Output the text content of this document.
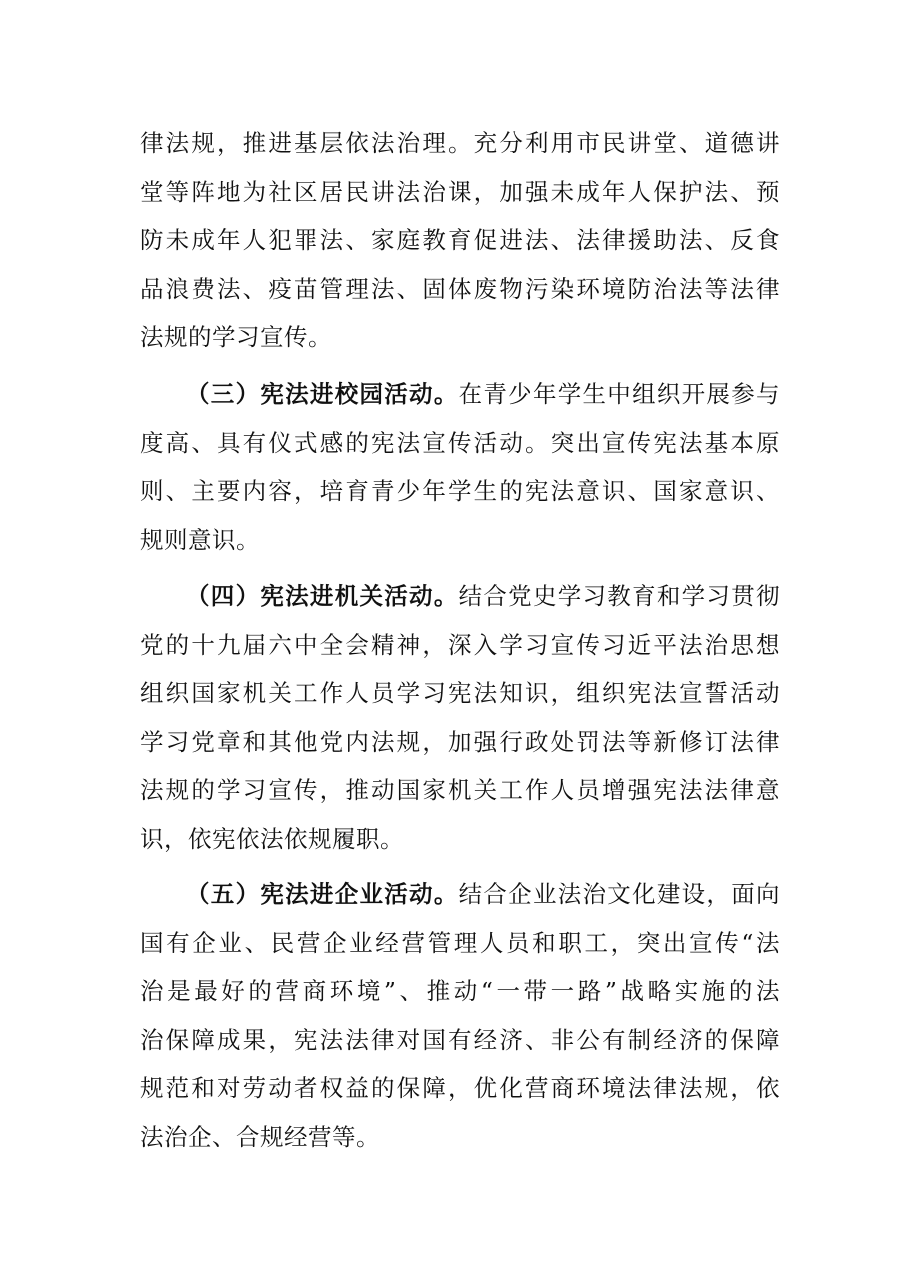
律法规，推进基层依法治理。充分利用市民讲堂、道德讲
堂等阵地为社区居民讲法治课，加强未成年人保护法、预
防未成年人犯罪法、家庭教育促进法、法律援助法、反食
品浪费法、疫苗管理法、固体废物污染环境防治法等法律
法规的学习宣传。
（三）宪法进校园活动。在青少年学生中组织开展参与
度高、具有仪式感的宪法宣传活动。突出宣传宪法基本原
则、主要内容，培育青少年学生的宪法意识、国家意识、
规则意识。
（四）宪法进机关活动。结合党史学习教育和学习贯彻
党的十九届六中全会精神，深入学习宣传习近平法治思想
组织国家机关工作人员学习宪法知识，组织宪法宣誓活动
学习党章和其他党内法规，加强行政处罚法等新修订法律
法规的学习宣传，推动国家机关工作人员增强宪法法律意
识，依宪依法依规履职。
（五）宪法进企业活动。结合企业法治文化建设，面向
国有企业、民营企业经营管理人员和职工，突出宣传“法
治是最好的营商环境”、推动“一带一路”战略实施的法
治保障成果，宪法法律对国有经济、非公有制经济的保障
规范和对劳动者权益的保障，优化营商环境法律法规，依
法治企、合规经营等。
